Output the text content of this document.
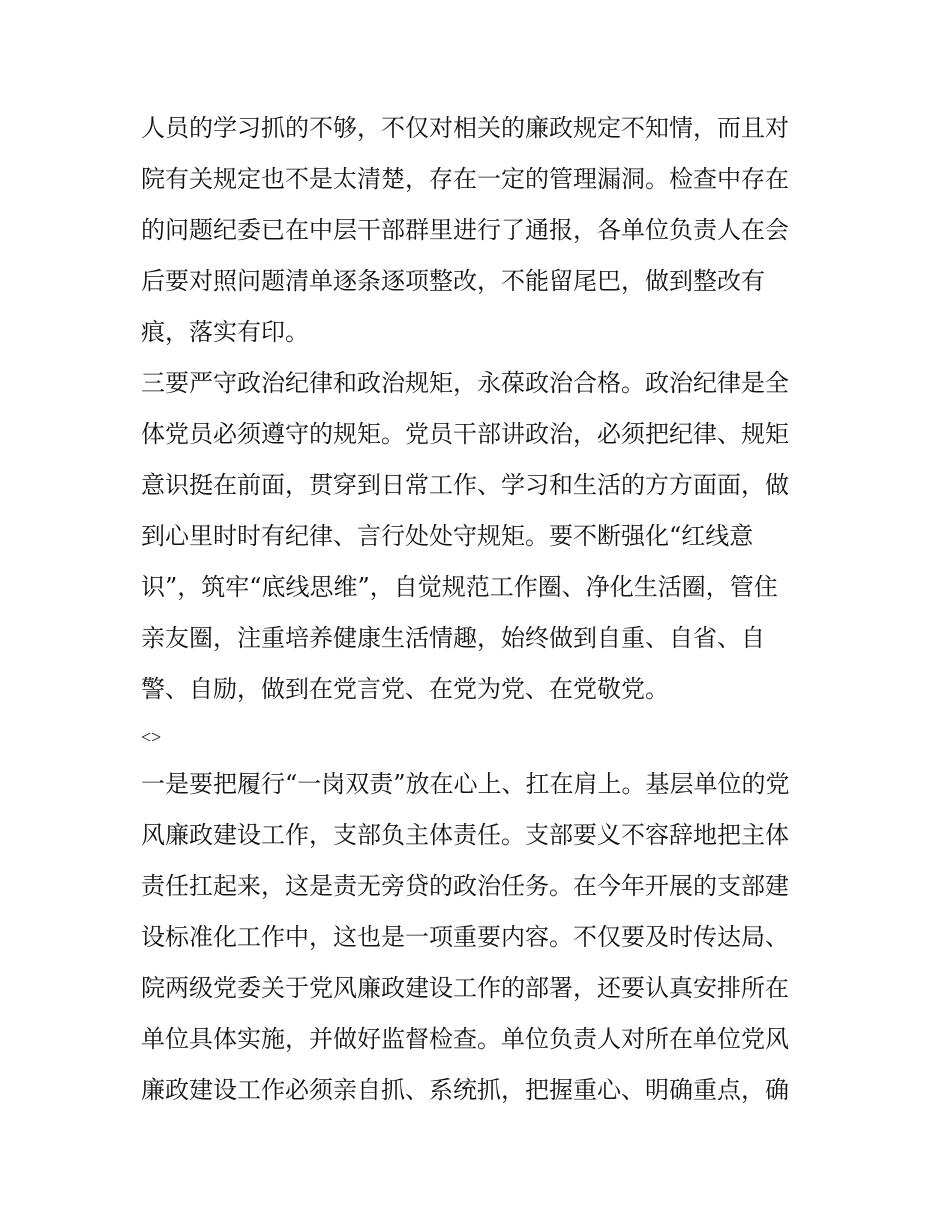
人员的学习抓的不够，不仅对相关的廉政规定不知情，而且对
院有关规定也不是太清楚，存在一定的管理漏洞。检查中存在
的问题纪委已在中层干部群里进行了通报，各单位负责人在会
后要对照问题清单逐条逐项整改，不能留尾巴，做到整改有
痕，落实有印。
三要严守政治纪律和政治规矩，永葆政治合格。政治纪律是全
体党员必须遵守的规矩。党员干部讲政治，必须把纪律、规矩
意识挺在前面，贯穿到日常工作、学习和生活的方方面面，做
到心里时时有纪律、言行处处守规矩。要不断强化“红线意
识”，筑牢“底线思维”，自觉规范工作圈、净化生活圈，管住
亲友圈，注重培养健康生活情趣，始终做到自重、自省、自
警、自励，做到在党言党、在党为党、在党敬党。
<>
一是要把履行“一岗双责”放在心上、扛在肩上。基层单位的党
风廉政建设工作，支部负主体责任。支部要义不容辞地把主体
责任扛起来，这是责无旁贷的政治任务。在今年开展的支部建
设标准化工作中，这也是一项重要内容。不仅要及时传达局、
院两级党委关于党风廉政建设工作的部署，还要认真安排所在
单位具体实施，并做好监督检查。单位负责人对所在单位党风
廉政建设工作必须亲自抓、系统抓，把握重心、明确重点，确
